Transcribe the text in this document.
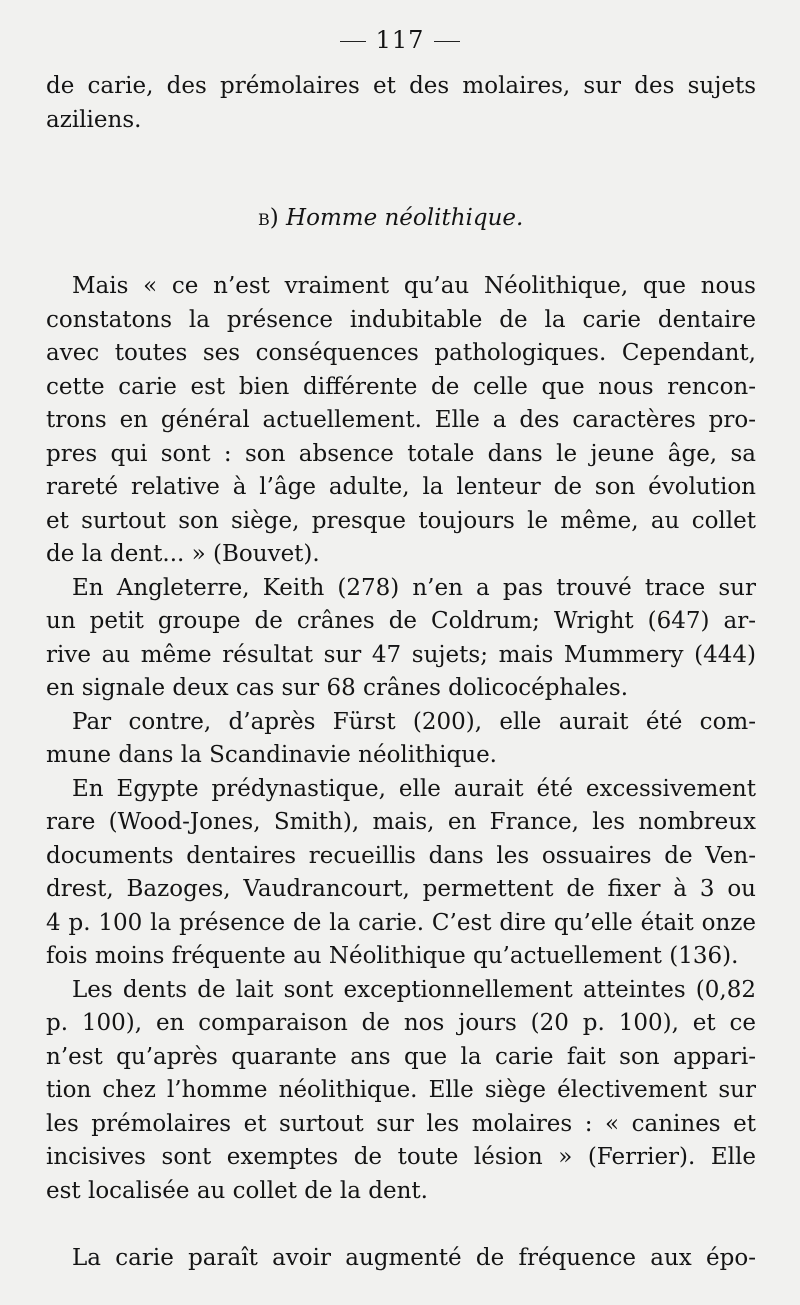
117
de carie, des prémolaires et des molaires, sur des sujets
aziliens.
Mais « ce n’est vraiment qu’au Néolithique, que nous
constatons la présence indubitable de la carie dentaire
avec toutes ses conséquences pathologiques. Cependant,
cette carie est bien différente de celle que nous rencon-
trons en général actuellement. Elle a des caractères pro-
pres qui sont : son absence totale dans le jeune âge, sa
rareté relative à l’âge adulte, la lenteur de son évolution
et surtout son siège, presque toujours le même, au collet
de la dent... » (Bouvet).
En Angleterre, Keith (278) n’en a pas trouvé trace sur
un petit groupe de crânes de Coldrum; Wright (647) ar-
rive au même résultat sur 47 sujets; mais Mummery (444)
en signale deux cas sur 68 crânes dolicocéphales.
Par contre, d’après Fürst (200), elle aurait été com-
mune dans la Scandinavie néolithique.
En Egypte prédynastique, elle aurait été excessivement
rare (Wood-Jones, Smith), mais, en France, les nombreux
documents dentaires recueillis dans les ossuaires de Ven-
drest, Bazoges, Vaudrancourt, permettent de fixer à 3 ou
4 p. 100 la présence de la carie. C’est dire qu’elle était onze
fois moins fréquente au Néolithique qu’actuellement (136).
Les dents de lait sont exceptionnellement atteintes (0,82
p. 100), en comparaison de nos jours (20 p. 100), et ce
n’est qu’après quarante ans que la carie fait son appari-
tion chez l’homme néolithique. Elle siège électivement sur
les prémolaires et surtout sur les molaires : « canines et
incisives sont exemptes de toute lésion » (Ferrier). Elle
est localisée au collet de la dent.
La carie paraît avoir augmenté de fréquence aux épo-
b) Homme néolithique.
